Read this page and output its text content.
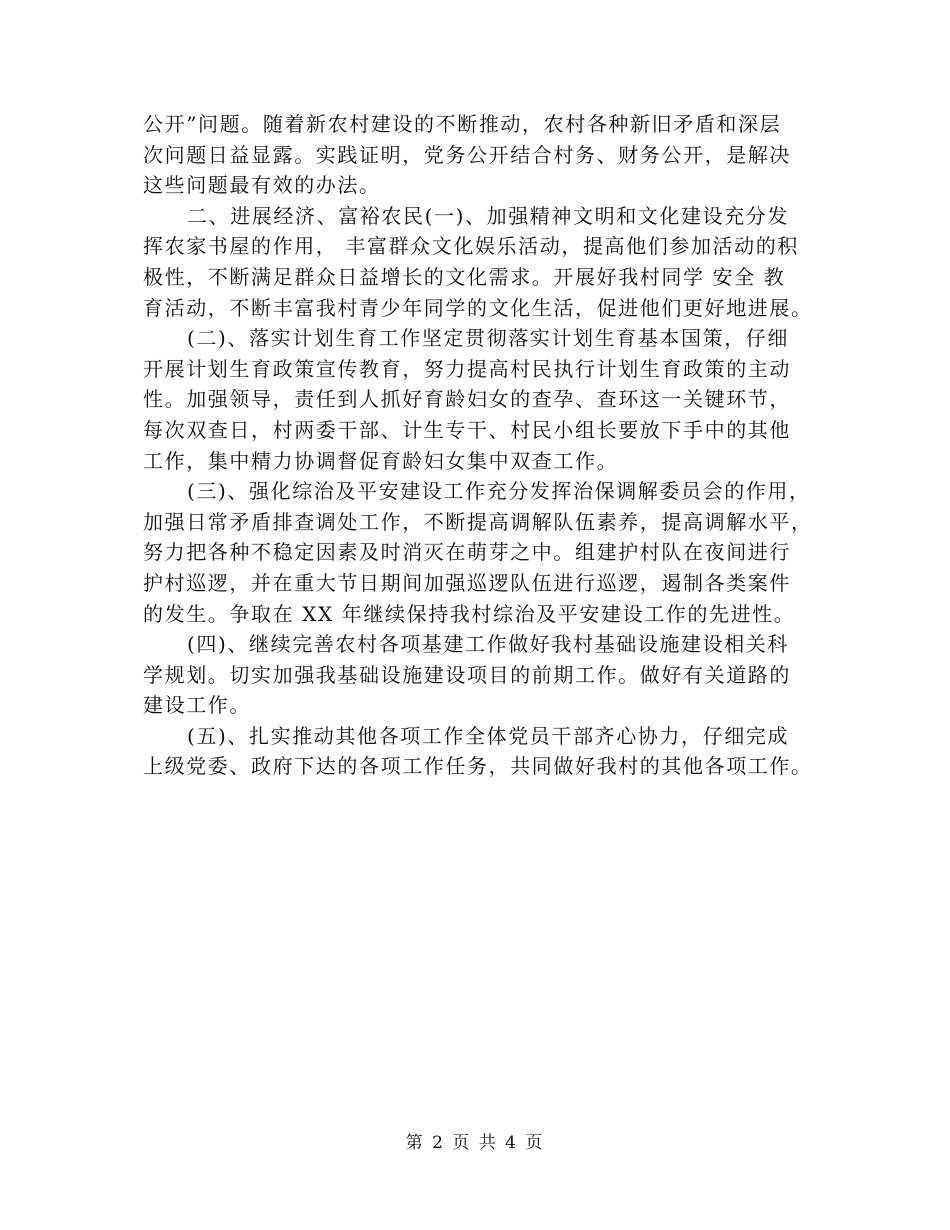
公开”问题。随着新农村建设的不断推动，农村各种新旧矛盾和深层
次问题日益显露。实践证明，党务公开结合村务、财务公开，是解决
这些问题最有效的办法。
二、进展经济、富裕农民(一)、加强精神文明和文化建设充分发
挥农家书屋的作用， 丰富群众文化娱乐活动，提高他们参加活动的积
极性，不断满足群众日益增长的文化需求。开展好我村同学 安全 教
育活动，不断丰富我村青少年同学的文化生活，促进他们更好地进展。
(二)、落实计划生育工作坚定贯彻落实计划生育基本国策，仔细
开展计划生育政策宣传教育，努力提高村民执行计划生育政策的主动
性。加强领导，责任到人抓好育龄妇女的查孕、查环这一关键环节，
每次双查日，村两委干部、计生专干、村民小组长要放下手中的其他
工作，集中精力协调督促育龄妇女集中双查工作。
(三)、强化综治及平安建设工作充分发挥治保调解委员会的作用，
加强日常矛盾排查调处工作，不断提高调解队伍素养，提高调解水平，
努力把各种不稳定因素及时消灭在萌芽之中。组建护村队在夜间进行
护村巡逻，并在重大节日期间加强巡逻队伍进行巡逻，遏制各类案件
的发生。争取在 XX 年继续保持我村综治及平安建设工作的先进性。
(四)、继续完善农村各项基建工作做好我村基础设施建设相关科
学规划。切实加强我基础设施建设项目的前期工作。做好有关道路的
建设工作。
(五)、扎实推动其他各项工作全体党员干部齐心协力，仔细完成
上级党委、政府下达的各项工作任务，共同做好我村的其他各项工作。
第 2 页 共 4 页
